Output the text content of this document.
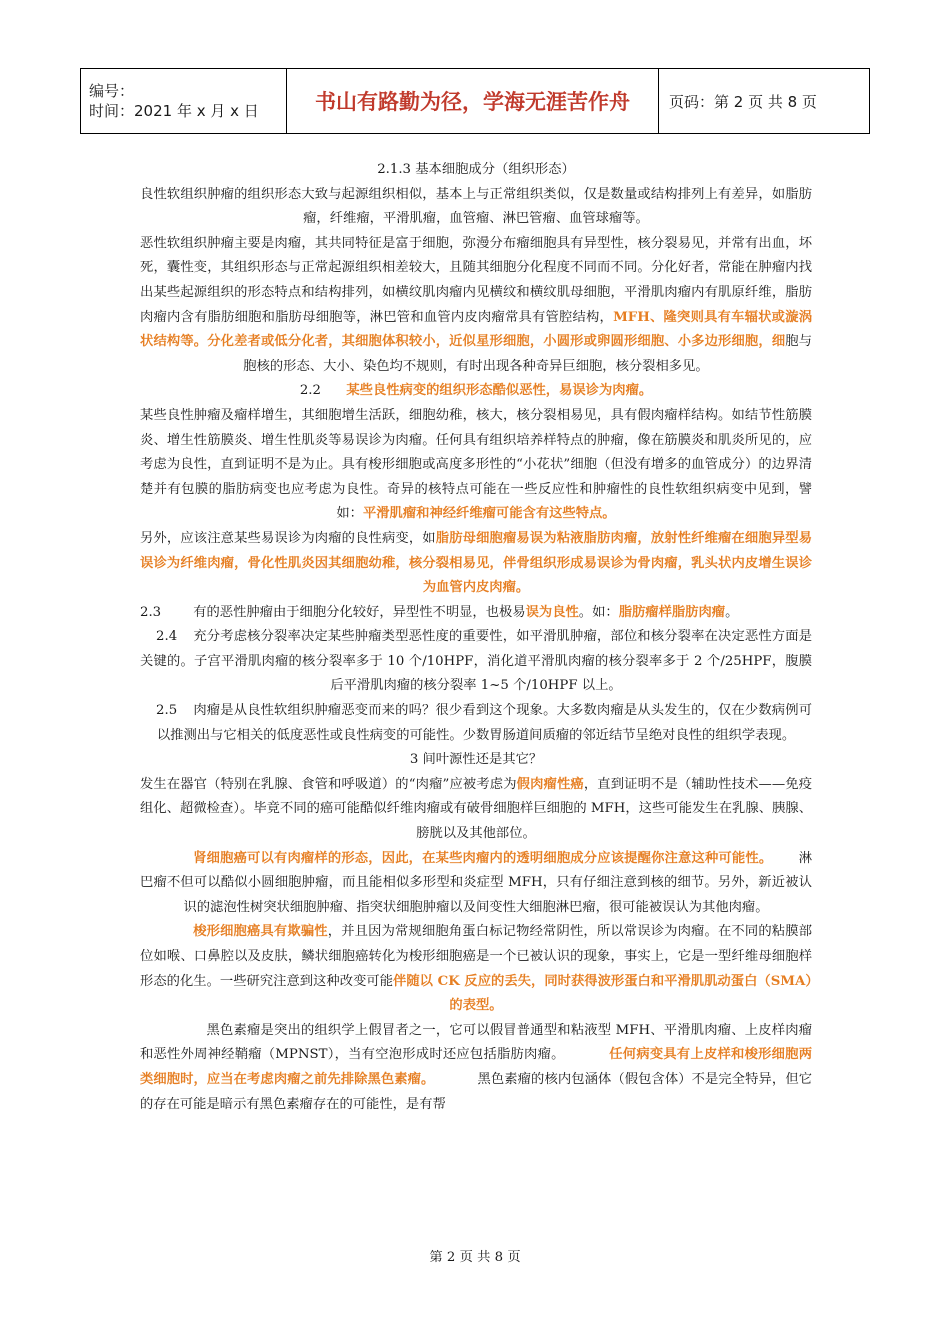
编号：
时间：2021 年 x 月 x 日	书山有路勤为径，学海无涯苦作舟	页码：第 2 页 共 8 页

2.1.3 基本细胞成分（组织形态）

良性软组织肿瘤的组织形态大致与起源组织相似，基本上与正常组织类似，仅是数量或结构排列上有差异，如脂肪瘤，纤维瘤，平滑肌瘤，血管瘤、淋巴管瘤、血管球瘤等。

恶性软组织肿瘤主要是肉瘤，其共同特征是富于细胞，弥漫分布瘤细胞具有异型性，核分裂易见，并常有出血，坏死，囊性变，其组织形态与正常起源组织相差较大，且随其细胞分化程度不同而不同。分化好者，常能在肿瘤内找出某些起源组织的形态特点和结构排列，如横纹肌肉瘤内见横纹和横纹肌母细胞，平滑肌肉瘤内有肌原纤维，脂肪肉瘤内含有脂肪细胞和脂肪母细胞等，淋巴管和血管内皮肉瘤常具有管腔结构，MFH、隆突则具有车辐状或漩涡状结构等。分化差者或低分化者，其细胞体积较小，近似星形细胞，小圆形或卵圆形细胞、小多边形细胞，细胞与胞核的形态、大小、染色均不规则，有时出现各种奇异巨细胞，核分裂相多见。

2.2 某些良性病变的组织形态酷似恶性，易误诊为肉瘤。

某些良性肿瘤及瘤样增生，其细胞增生活跃，细胞幼稚，核大，核分裂相易见，具有假肉瘤样结构。如结节性筋膜炎、增生性筋膜炎、增生性肌炎等易误诊为肉瘤。任何具有组织培养样特点的肿瘤，像在筋膜炎和肌炎所见的，应考虑为良性，直到证明不是为止。具有梭形细胞或高度多形性的“小花状”细胞（但没有增多的血管成分）的边界清楚并有包膜的脂肪病变也应考虑为良性。奇异的核特点可能在一些反应性和肿瘤性的良性软组织病变中见到，譬如：平滑肌瘤和神经纤维瘤可能含有这些特点。

另外，应该注意某些易误诊为肉瘤的良性病变，如脂肪母细胞瘤易误为粘液脂肪肉瘤，放射性纤维瘤在细胞异型易误诊为纤维肉瘤，骨化性肌炎因其细胞幼稚，核分裂相易见，伴骨组织形成易误诊为骨肉瘤，乳头状内皮增生误诊为血管内皮肉瘤。

2.3 有的恶性肿瘤由于细胞分化较好，异型性不明显，也极易误为良性。如：脂肪瘤样脂肪肉瘤。

2.4 充分考虑核分裂率决定某些肿瘤类型恶性度的重要性，如平滑肌肿瘤，部位和核分裂率在决定恶性方面是关键的。子宫平滑肌肉瘤的核分裂率多于 10 个/10HPF，消化道平滑肌肉瘤的核分裂率多于 2 个/25HPF，腹膜后平滑肌肉瘤的核分裂率 1~5 个/10HPF 以上。

2.5 肉瘤是从良性软组织肿瘤恶变而来的吗？很少看到这个现象。大多数肉瘤是从头发生的，仅在少数病例可以推测出与它相关的低度恶性或良性病变的可能性。少数胃肠道间质瘤的邻近结节呈绝对良性的组织学表现。

3 间叶源性还是其它？

发生在器官（特别在乳腺、食管和呼吸道）的“肉瘤”应被考虑为假肉瘤性癌，直到证明不是（辅助性技术——免疫组化、超微检查）。毕竟不同的癌可能酷似纤维肉瘤或有破骨细胞样巨细胞的 MFH，这些可能发生在乳腺、胰腺、膀胱以及其他部位。

肾细胞癌可以有肉瘤样的形态，因此，在某些肉瘤内的透明细胞成分应该提醒你注意这种可能性。 淋巴瘤不但可以酷似小圆细胞肿瘤，而且能相似多形型和炎症型 MFH，只有仔细注意到核的细节。另外，新近被认识的滤泡性树突状细胞肿瘤、指突状细胞肿瘤以及间变性大细胞淋巴瘤，很可能被误认为其他肉瘤。

梭形细胞癌具有欺骗性，并且因为常规细胞角蛋白标记物经常阴性，所以常误诊为肉瘤。在不同的粘膜部位如喉、口鼻腔以及皮肤，鳞状细胞癌转化为梭形细胞癌是一个已被认识的现象，事实上，它是一型纤维母细胞样形态的化生。一些研究注意到这种改变可能伴随以 CK 反应的丢失，同时获得波形蛋白和平滑肌肌动蛋白（SMA）的表型。

黑色素瘤是突出的组织学上假冒者之一，它可以假冒普通型和粘液型 MFH、平滑肌肉瘤、上皮样肉瘤和恶性外周神经鞘瘤（MPNST），当有空泡形成时还应包括脂肪肉瘤。	任何病变具有上皮样和梭形细胞两类细胞时，应当在考虑肉瘤之前先排除黑色素瘤。	黑色素瘤的核内包涵体（假包含体）不是完全特异，但它的存在可能是暗示有黑色素瘤存在的可能性，是有帮

第 2 页 共 8 页
